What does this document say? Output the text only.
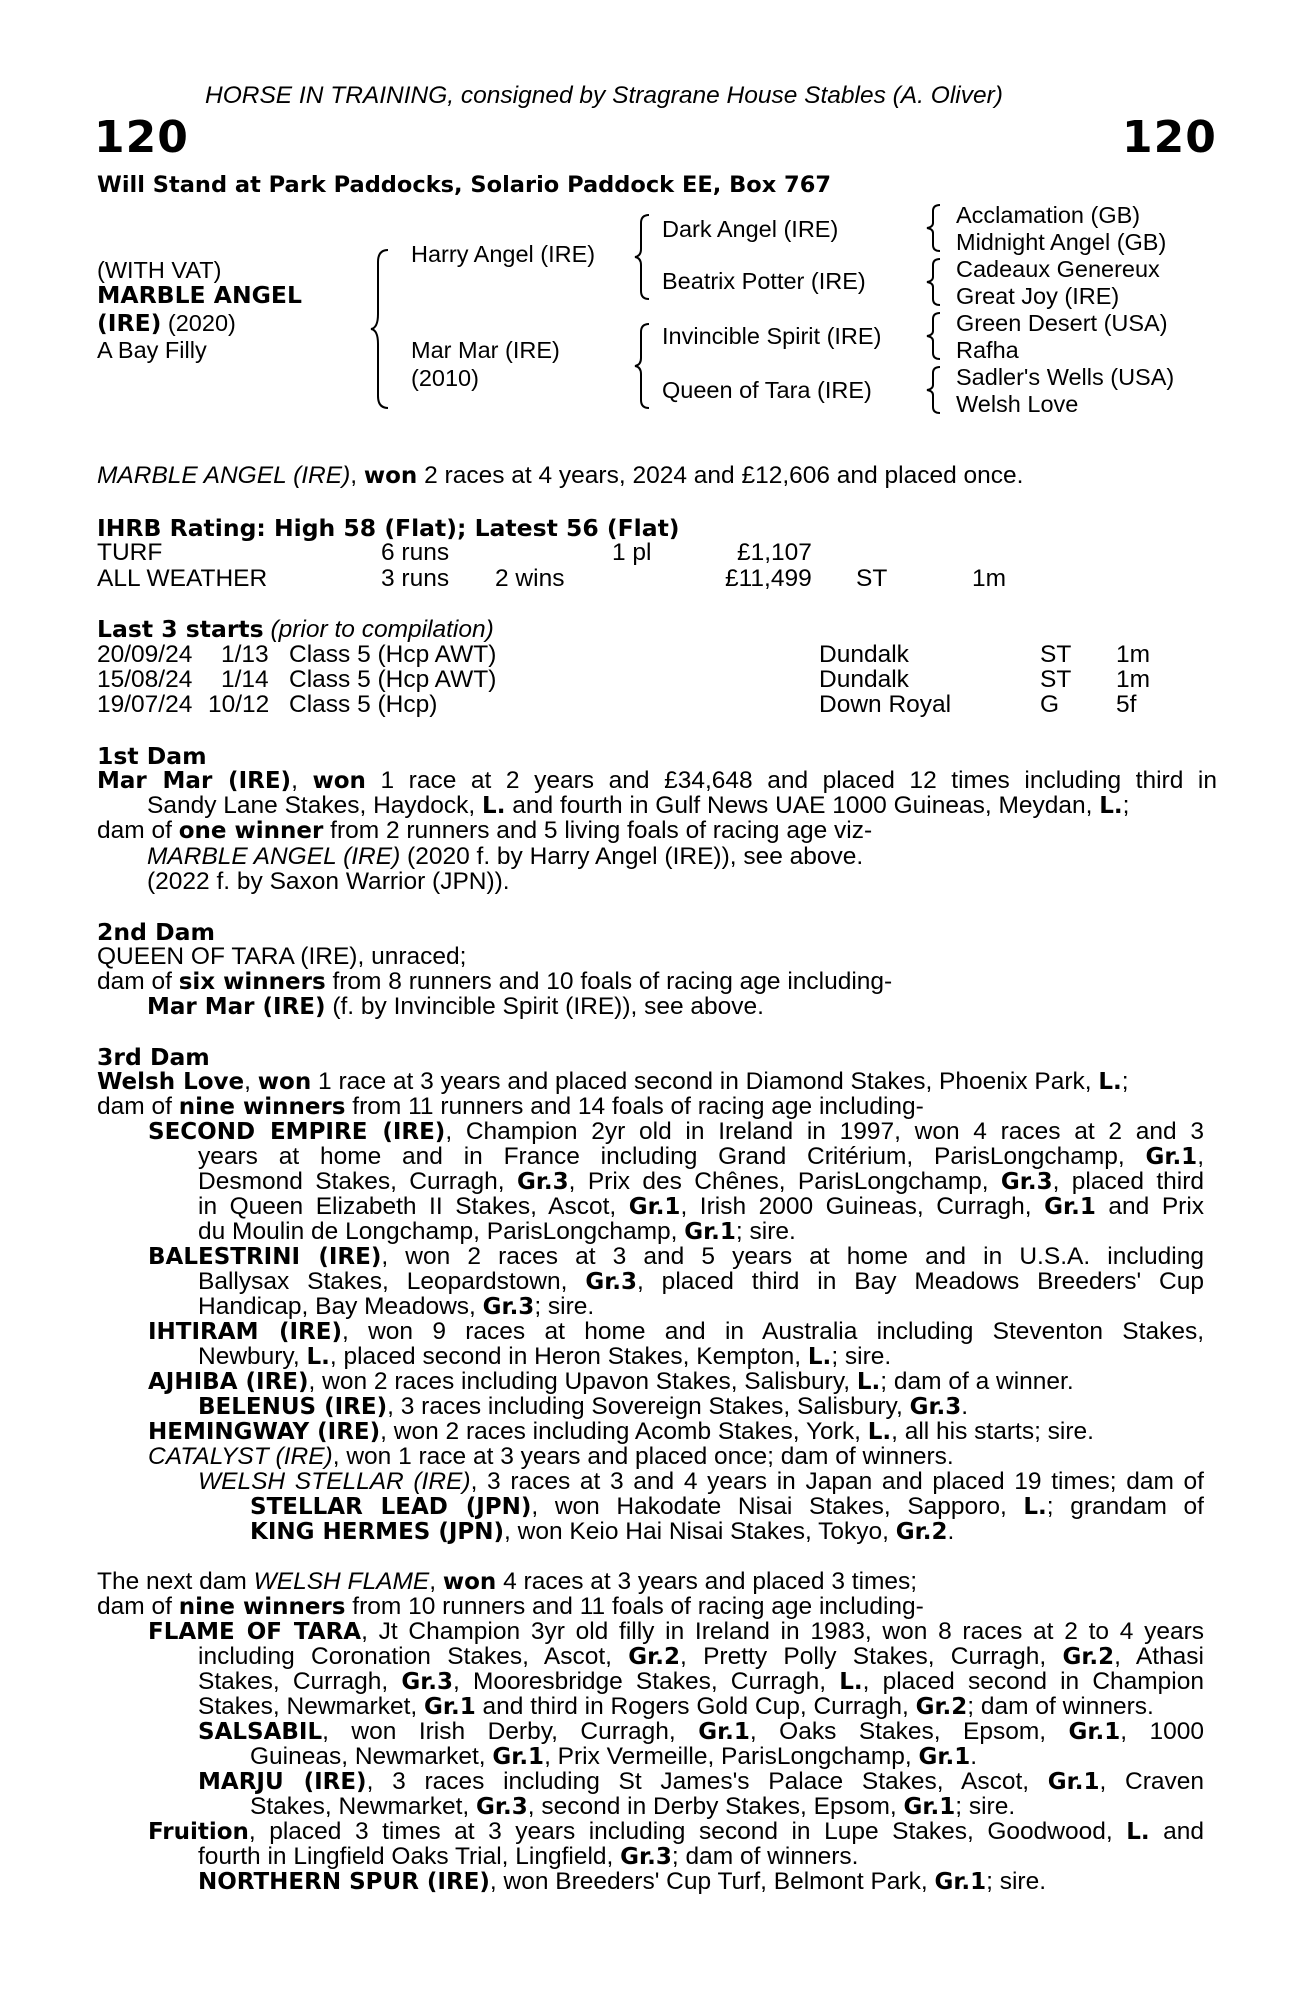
HORSE IN TRAINING, consigned by Stragrane House Stables (A. Oliver)
120	120
Will Stand at Park Paddocks, Solario Paddock EE, Box 767
(WITH VAT)
MARBLE ANGEL
(IRE) (2020)
A Bay Filly
Harry Angel (IRE)
Mar Mar (IRE)
(2010)
Dark Angel (IRE)
Beatrix Potter (IRE)
Invincible Spirit (IRE)
Queen of Tara (IRE)
Acclamation (GB)
Midnight Angel (GB)
Cadeaux Genereux
Great Joy (IRE)
Green Desert (USA)
Rafha
Sadler's Wells (USA)
Welsh Love
MARBLE ANGEL (IRE), won 2 races at 4 years, 2024 and £12,606 and placed once.
IHRB Rating: High 58 (Flat); Latest 56 (Flat)
TURF	6 runs	1 pl	£1,107
ALL WEATHER	3 runs 2 wins	£11,499 ST	1m
Last 3 starts (prior to compilation)
20/09/24 1/13 Class 5 (Hcp AWT)	Dundalk	ST 1m
15/08/24 1/14 Class 5 (Hcp AWT)	Dundalk	ST 1m
19/07/24 10/12 Class 5 (Hcp)	Down Royal	G 5f
1st Dam
Mar Mar (IRE), won 1 race at 2 years and £34,648 and placed 12 times including third in
Sandy Lane Stakes, Haydock, L. and fourth in Gulf News UAE 1000 Guineas, Meydan, L.;
dam of one winner from 2 runners and 5 living foals of racing age viz-
MARBLE ANGEL (IRE) (2020 f. by Harry Angel (IRE)), see above.
(2022 f. by Saxon Warrior (JPN)).
2nd Dam
QUEEN OF TARA (IRE), unraced;
dam of six winners from 8 runners and 10 foals of racing age including-
Mar Mar (IRE) (f. by Invincible Spirit (IRE)), see above.
3rd Dam
Welsh Love, won 1 race at 3 years and placed second in Diamond Stakes, Phoenix Park, L.;
dam of nine winners from 11 runners and 14 foals of racing age including-
SECOND EMPIRE (IRE), Champion 2yr old in Ireland in 1997, won 4 races at 2 and 3
years at home and in France including Grand Critérium, ParisLongchamp, Gr.1,
Desmond Stakes, Curragh, Gr.3, Prix des Chênes, ParisLongchamp, Gr.3, placed third
in Queen Elizabeth II Stakes, Ascot, Gr.1, Irish 2000 Guineas, Curragh, Gr.1 and Prix
du Moulin de Longchamp, ParisLongchamp, Gr.1; sire.
BALESTRINI (IRE), won 2 races at 3 and 5 years at home and in U.S.A. including
Ballysax Stakes, Leopardstown, Gr.3, placed third in Bay Meadows Breeders' Cup
Handicap, Bay Meadows, Gr.3; sire.
IHTIRAM (IRE), won 9 races at home and in Australia including Steventon Stakes,
Newbury, L., placed second in Heron Stakes, Kempton, L.; sire.
AJHIBA (IRE), won 2 races including Upavon Stakes, Salisbury, L.; dam of a winner.
BELENUS (IRE), 3 races including Sovereign Stakes, Salisbury, Gr.3.
HEMINGWAY (IRE), won 2 races including Acomb Stakes, York, L., all his starts; sire.
CATALYST (IRE), won 1 race at 3 years and placed once; dam of winners.
WELSH STELLAR (IRE), 3 races at 3 and 4 years in Japan and placed 19 times; dam of
STELLAR LEAD (JPN), won Hakodate Nisai Stakes, Sapporo, L.; grandam of
KING HERMES (JPN), won Keio Hai Nisai Stakes, Tokyo, Gr.2.
The next dam WELSH FLAME, won 4 races at 3 years and placed 3 times;
dam of nine winners from 10 runners and 11 foals of racing age including-
FLAME OF TARA, Jt Champion 3yr old filly in Ireland in 1983, won 8 races at 2 to 4 years
including Coronation Stakes, Ascot, Gr.2, Pretty Polly Stakes, Curragh, Gr.2, Athasi
Stakes, Curragh, Gr.3, Mooresbridge Stakes, Curragh, L., placed second in Champion
Stakes, Newmarket, Gr.1 and third in Rogers Gold Cup, Curragh, Gr.2; dam of winners.
SALSABIL, won Irish Derby, Curragh, Gr.1, Oaks Stakes, Epsom, Gr.1, 1000
Guineas, Newmarket, Gr.1, Prix Vermeille, ParisLongchamp, Gr.1.
MARJU (IRE), 3 races including St James's Palace Stakes, Ascot, Gr.1, Craven
Stakes, Newmarket, Gr.3, second in Derby Stakes, Epsom, Gr.1; sire.
Fruition, placed 3 times at 3 years including second in Lupe Stakes, Goodwood, L. and
fourth in Lingfield Oaks Trial, Lingfield, Gr.3; dam of winners.
NORTHERN SPUR (IRE), won Breeders' Cup Turf, Belmont Park, Gr.1; sire.
